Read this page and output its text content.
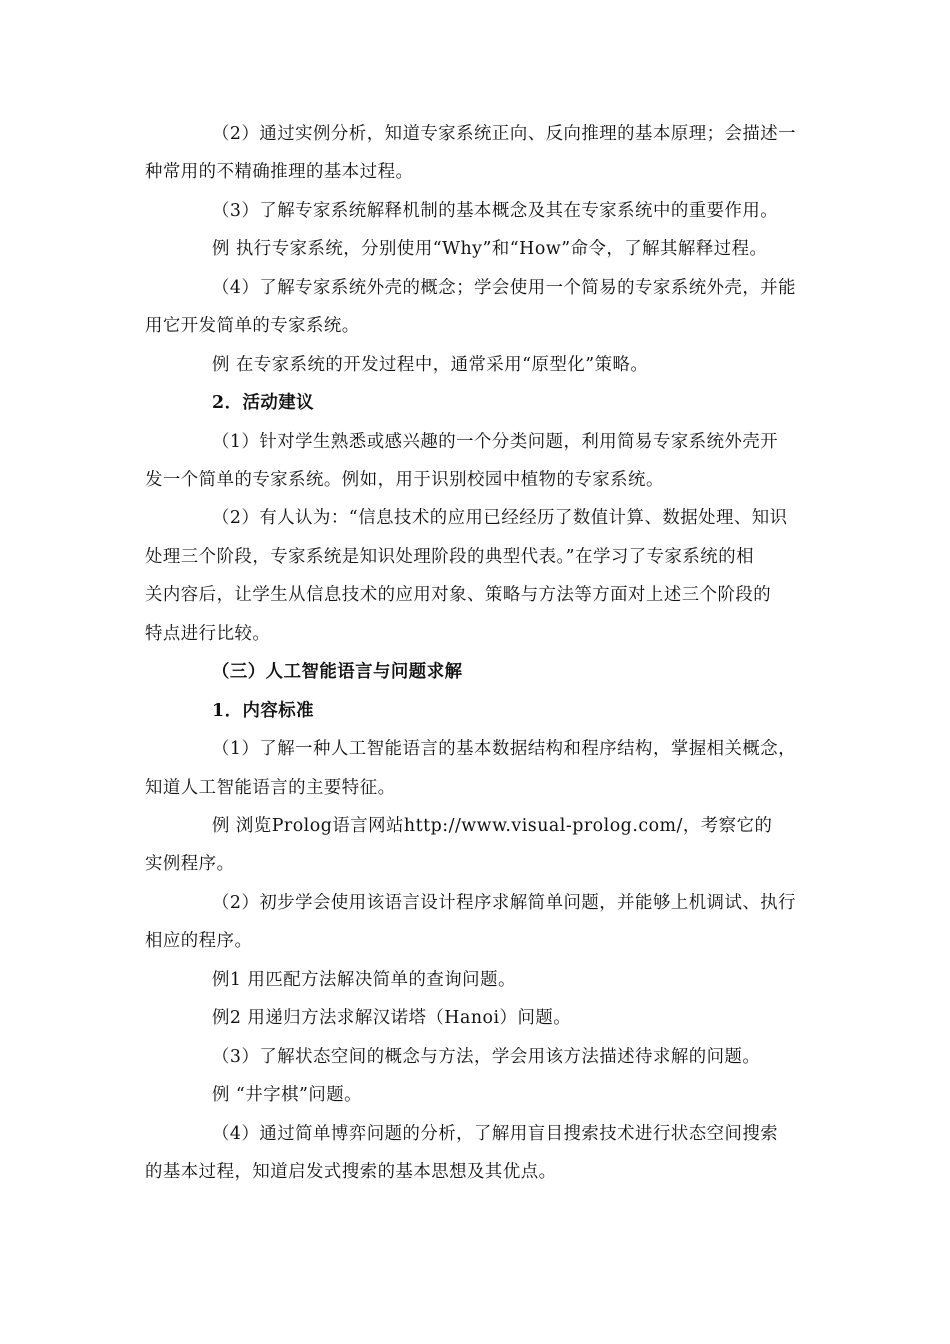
（2）通过实例分析，知道专家系统正向、反向推理的基本原理；会描述一
种常用的不精确推理的基本过程。
（3）了解专家系统解释机制的基本概念及其在专家系统中的重要作用。
例 执行专家系统，分别使用“Why”和“How”命令，了解其解释过程。
（4）了解专家系统外壳的概念；学会使用一个简易的专家系统外壳，并能
用它开发简单的专家系统。
例 在专家系统的开发过程中，通常采用“原型化”策略。
2．活动建议
（1）针对学生熟悉或感兴趣的一个分类问题，利用简易专家系统外壳开
发一个简单的专家系统。例如，用于识别校园中植物的专家系统。
（2）有人认为：“信息技术的应用已经经历了数值计算、数据处理、知识
处理三个阶段，专家系统是知识处理阶段的典型代表。”在学习了专家系统的相
关内容后，让学生从信息技术的应用对象、策略与方法等方面对上述三个阶段的
特点进行比较。
（三）人工智能语言与问题求解
1．内容标准
（1）了解一种人工智能语言的基本数据结构和程序结构，掌握相关概念，
知道人工智能语言的主要特征。
例 浏览Prolog语言网站http://www.visual-prolog.com/，考察它的
实例程序。
（2）初步学会使用该语言设计程序求解简单问题，并能够上机调试、执行
相应的程序。
例1 用匹配方法解决简单的查询问题。
例2 用递归方法求解汉诺塔（Hanoi）问题。
（3）了解状态空间的概念与方法，学会用该方法描述待求解的问题。
例 “井字棋”问题。
（4）通过简单博弈问题的分析，了解用盲目搜索技术进行状态空间搜索
的基本过程，知道启发式搜索的基本思想及其优点。
